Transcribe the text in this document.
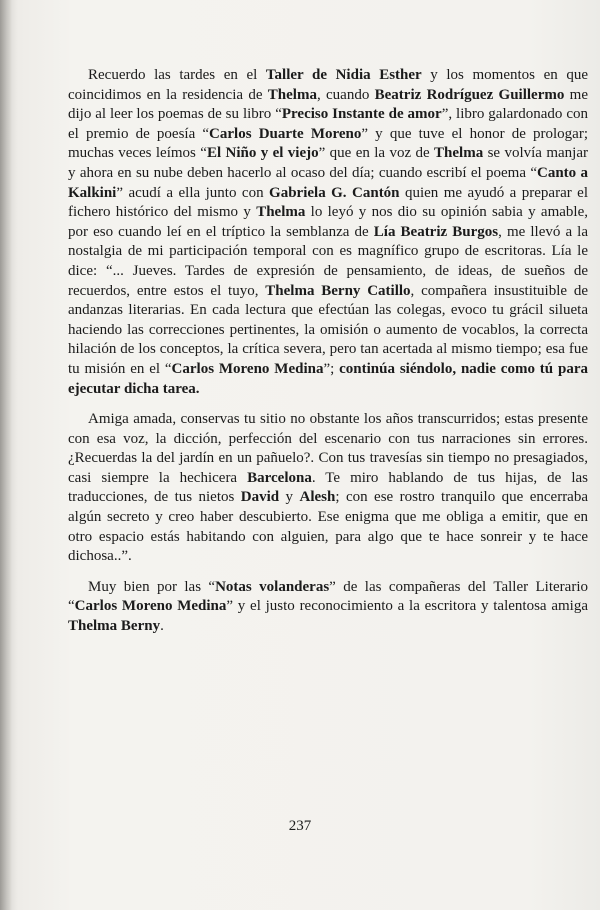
Recuerdo las tardes en el Taller de Nidia Esther y los momentos en que coincidimos en la residencia de Thelma, cuando Beatriz Rodríguez Guillermo me dijo al leer los poemas de su libro “Preciso Instante de amor”, libro galardonado con el premio de poesía “Carlos Duarte Moreno” y que tuve el honor de prologar; muchas veces leímos “El Niño y el viejo” que en la voz de Thelma se volvía manjar y ahora en su nube deben hacerlo al ocaso del día; cuando escribí el poema “Canto a Kalkini” acudí a ella junto con Gabriela G. Cantón quien me ayudó a preparar el fichero histórico del mismo y Thelma lo leyó y nos dio su opinión sabia y amable, por eso cuando leí en el tríptico la semblanza de Lía Beatriz Burgos, me llevó a la nostalgia de mi participación temporal con es magnífico grupo de escritoras. Lía le dice: “... Jueves. Tardes de expresión de pensamiento, de ideas, de sueños de recuerdos, entre estos el tuyo, Thelma Berny Catillo, compañera insustituible de andanzas literarias. En cada lectura que efectúan las colegas, evoco tu grácil silueta haciendo las correcciones pertinentes, la omisión o aumento de vocablos, la correcta hilación de los conceptos, la crítica severa, pero tan acertada al mismo tiempo; esa fue tu misión en el “Carlos Moreno Medina”; continúa siéndolo, nadie como tú para ejecutar dicha tarea.

Amiga amada, conservas tu sitio no obstante los años transcurridos; estas presente con esa voz, la dicción, perfección del escenario con tus narraciones sin errores. ¿Recuerdas la del jardín en un pañuelo?. Con tus travesías sin tiempo no presagiados, casi siempre la hechicera Barcelona. Te miro hablando de tus hijas, de las traducciones, de tus nietos David y Alesh; con ese rostro tranquilo que encerraba algún secreto y creo haber descubierto. Ese enigma que me obliga a emitir, que en otro espacio estás habitando con alguien, para algo que te hace sonreir y te hace dichosa..”.

Muy bien por las “Notas volanderas” de las compañeras del Taller Literario “Carlos Moreno Medina” y el justo reconocimiento a la escritora y talentosa amiga Thelma Berny.

237
